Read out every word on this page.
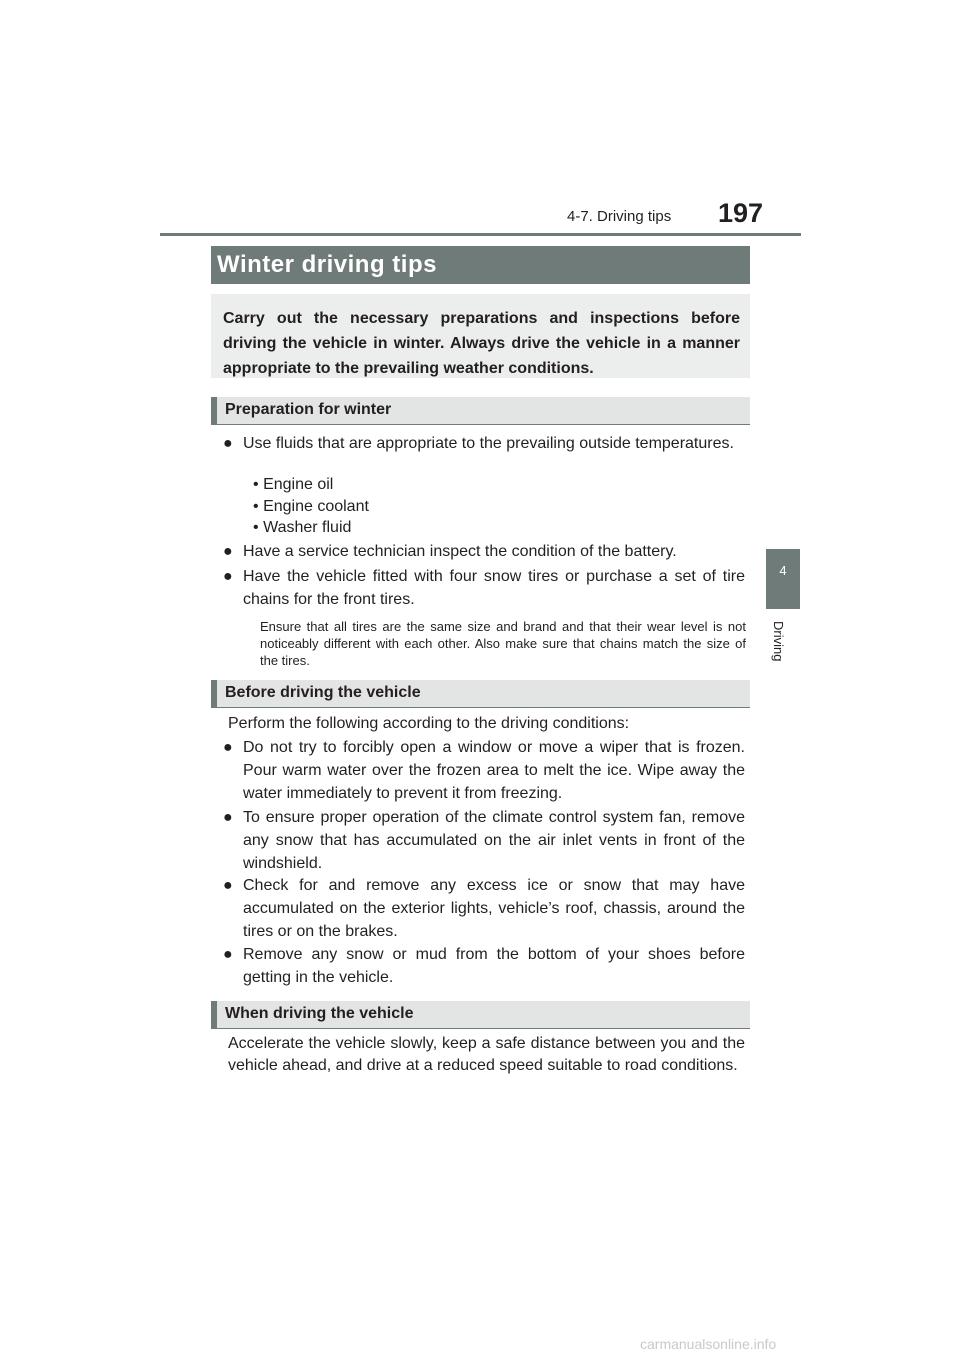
4-7. Driving tips 197
4
Driving
Winter driving tips
Carry out the necessary preparations and inspections before driving the vehicle in winter. Always drive the vehicle in a manner appropriate to the prevailing weather conditions.
Preparation for winter
● Use fluids that are appropriate to the prevailing outside temperatures.
• Engine oil
• Engine coolant
• Washer fluid
● Have a service technician inspect the condition of the battery.
● Have the vehicle fitted with four snow tires or purchase a set of tire chains for the front tires.
Ensure that all tires are the same size and brand and that their wear level is not noticeably different with each other. Also make sure that chains match the size of the tires.
Before driving the vehicle
Perform the following according to the driving conditions:
● Do not try to forcibly open a window or move a wiper that is frozen. Pour warm water over the frozen area to melt the ice. Wipe away the water immediately to prevent it from freezing.
● To ensure proper operation of the climate control system fan, remove any snow that has accumulated on the air inlet vents in front of the windshield.
● Check for and remove any excess ice or snow that may have accumulated on the exterior lights, vehicle’s roof, chassis, around the tires or on the brakes.
● Remove any snow or mud from the bottom of your shoes before getting in the vehicle.
When driving the vehicle
Accelerate the vehicle slowly, keep a safe distance between you and the vehicle ahead, and drive at a reduced speed suitable to road conditions.
carmanualsonline.info
